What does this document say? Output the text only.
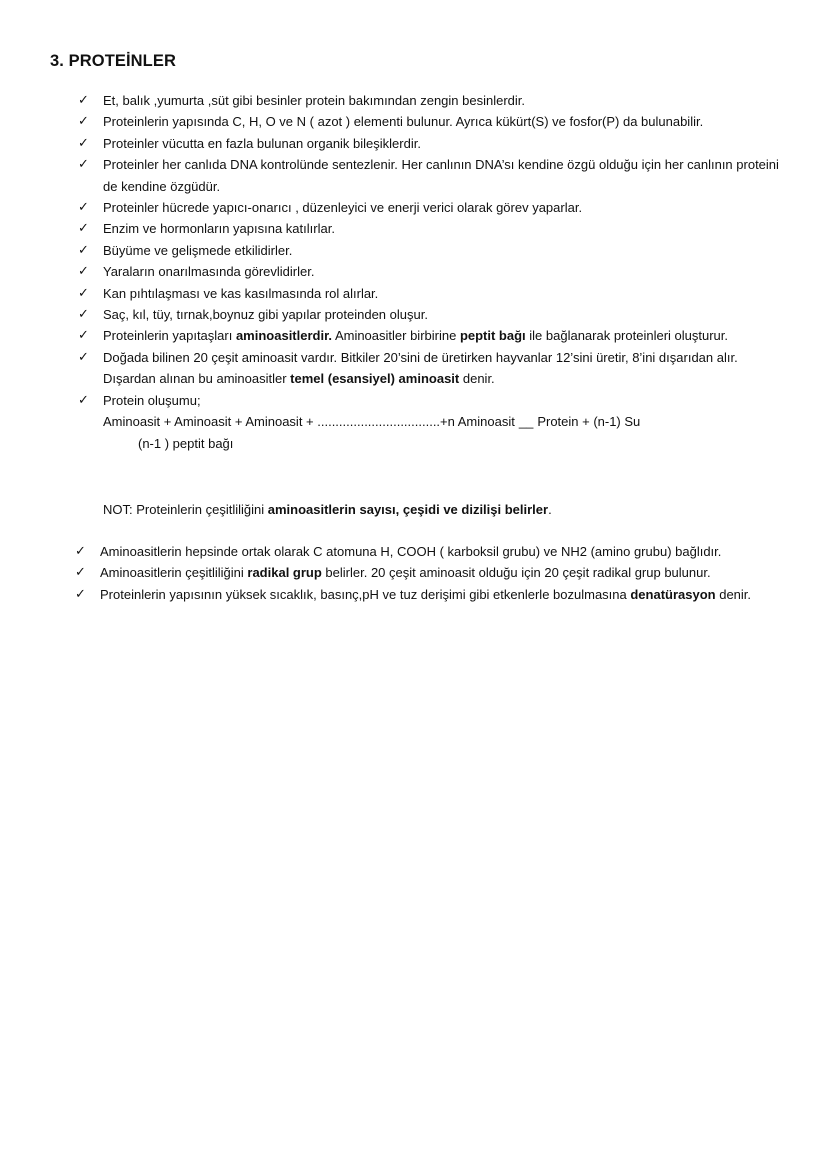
3. PROTEİNLER
✓ Et, balık ,yumurta ,süt gibi besinler protein bakımından zengin besinlerdir.
✓ Proteinlerin yapısında C, H, O ve N ( azot ) elementi bulunur. Ayrıca kükürt(S) ve fosfor(P) da bulunabilir.
✓ Proteinler vücutta en fazla bulunan organik bileşiklerdir.
✓ Proteinler her canlıda DNA kontrolünde sentezlenir. Her canlının DNA’sı kendine özgü olduğu için her canlının proteini de kendine özgüdür.
✓ Proteinler hücrede yapıcı-onarıcı , düzenleyici ve enerji verici olarak görev yaparlar.
✓ Enzim ve hormonların yapısına katılırlar.
✓ Büyüme ve gelişmede etkilidirler.
✓ Yaraların onarılmasında görevlidirler.
✓ Kan pıhtılaşması ve kas kasılmasında rol alırlar.
✓ Saç, kıl, tüy, tırnak,boynuz gibi yapılar proteinden oluşur.
✓ Proteinlerin yapıtaşları aminoasitlerdir. Aminoasitler birbirine peptit bağı ile bağlanarak proteinleri oluşturur.
✓ Doğada bilinen 20 çeşit aminoasit vardır. Bitkiler 20’sini de üretirken hayvanlar 12’sini üretir, 8’ini dışarıdan alır. Dışardan alınan bu aminoasitler temel (esansiyel) aminoasit denir.
✓ Protein oluşumu;
Aminoasit + Aminoasit + Aminoasit + ..................................+n Aminoasit __ Protein + (n-1) Su
(n-1 ) peptit bağı
NOT: Proteinlerin çeşitliliğini aminoasitlerin sayısı, çeşidi ve dizilişi belirler.
✓ Aminoasitlerin hepsinde ortak olarak C atomuna H, COOH ( karboksil grubu) ve NH2 (amino grubu) bağlıdır.
✓ Aminoasitlerin çeşitliliğini radikal grup belirler. 20 çeşit aminoasit olduğu için 20 çeşit radikal grup bulunur.
✓ Proteinlerin yapısının yüksek sıcaklık, basınç,pH ve tuz derişimi gibi etkenlerle bozulmasına denatürasyon denir.
